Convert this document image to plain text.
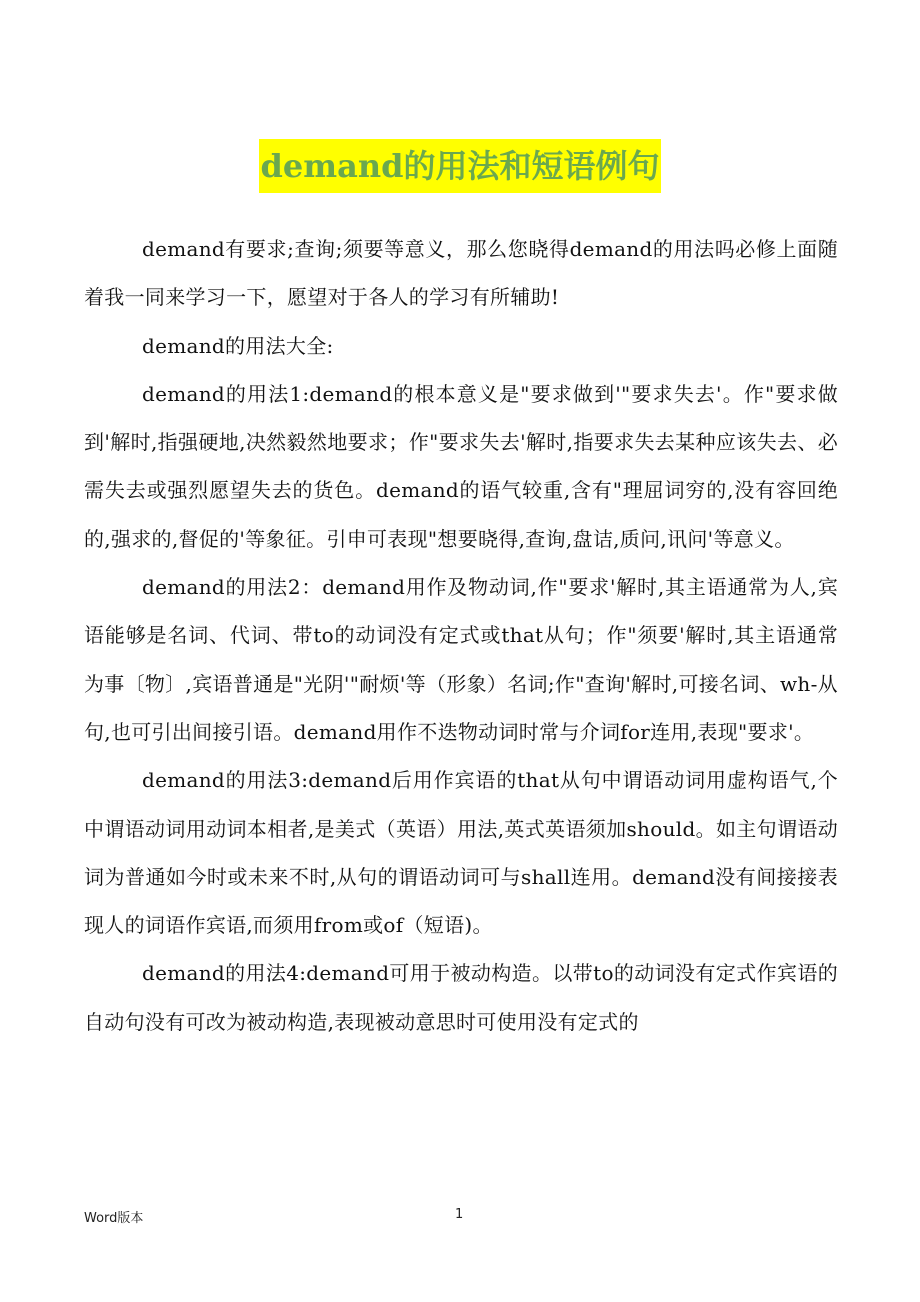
demand的用法和短语例句

demand有要求;查询;须要等意义，那么您晓得demand的用法吗必修上面随着我一同来学习一下，愿望对于各人的学习有所辅助!

demand的用法大全:

demand的用法1:demand的根本意义是"要求做到'"要求失去'。作"要求做到'解时,指强硬地,决然毅然地要求；作"要求失去'解时,指要求失去某种应该失去、必需失去或强烈愿望失去的货色。demand的语气较重,含有"理屈词穷的,没有容回绝的,强求的,督促的'等象征。引申可表现"想要晓得,查询,盘诘,质问,讯问'等意义。

demand的用法2：demand用作及物动词,作"要求'解时,其主语通常为人,宾语能够是名词、代词、带to的动词没有定式或that从句；作"须要'解时,其主语通常为事〔物〕,宾语普通是"光阴'"耐烦'等（形象）名词;作"查询'解时,可接名词、wh-从句,也可引出间接引语。demand用作不迭物动词时常与介词for连用,表现"要求'。

demand的用法3:demand后用作宾语的that从句中谓语动词用虚构语气,个中谓语动词用动词本相者,是美式（英语）用法,英式英语须加should。如主句谓语动词为普通如今时或未来不时,从句的谓语动词可与shall连用。demand没有间接接表现人的词语作宾语,而须用from或of（短语)。

demand的用法4:demand可用于被动构造。以带to的动词没有定式作宾语的自动句没有可改为被动构造,表现被动意思时可使用没有定式的

Word版本	1
